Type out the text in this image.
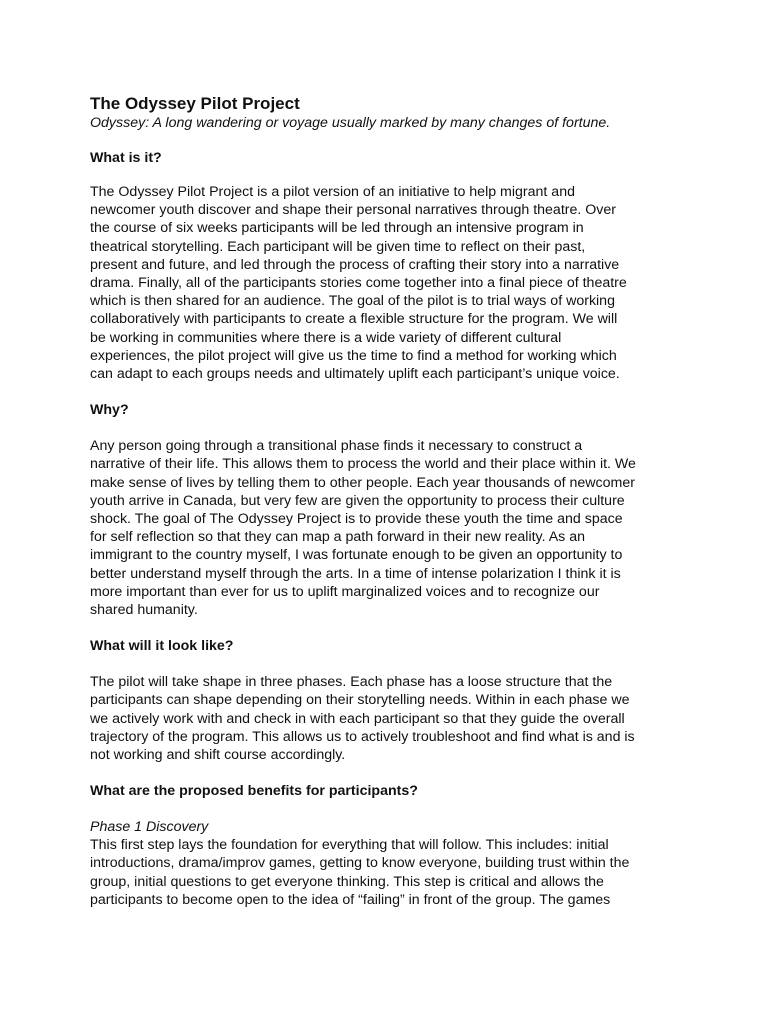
The Odyssey Pilot Project

Odyssey: A long wandering or voyage usually marked by many changes of fortune.

What is it?

The Odyssey Pilot Project is a pilot version of an initiative to help migrant and
newcomer youth discover and shape their personal narratives through theatre. Over
the course of six weeks participants will be led through an intensive program in
theatrical storytelling. Each participant will be given time to reflect on their past,
present and future, and led through the process of crafting their story into a narrative
drama. Finally, all of the participants stories come together into a final piece of theatre
which is then shared for an audience. The goal of the pilot is to trial ways of working
collaboratively with participants to create a flexible structure for the program. We will
be working in communities where there is a wide variety of different cultural
experiences, the pilot project will give us the time to find a method for working which
can adapt to each groups needs and ultimately uplift each participant’s unique voice.

Why?

Any person going through a transitional phase finds it necessary to construct a
narrative of their life. This allows them to process the world and their place within it. We
make sense of lives by telling them to other people. Each year thousands of newcomer
youth arrive in Canada, but very few are given the opportunity to process their culture
shock. The goal of The Odyssey Project is to provide these youth the time and space
for self reflection so that they can map a path forward in their new reality. As an
immigrant to the country myself, I was fortunate enough to be given an opportunity to
better understand myself through the arts. In a time of intense polarization I think it is
more important than ever for us to uplift marginalized voices and to recognize our
shared humanity.

What will it look like?

The pilot will take shape in three phases. Each phase has a loose structure that the
participants can shape depending on their storytelling needs. Within in each phase we
we actively work with and check in with each participant so that they guide the overall
trajectory of the program. This allows us to actively troubleshoot and find what is and is
not working and shift course accordingly.

What are the proposed benefits for participants?

Phase 1 Discovery

This first step lays the foundation for everything that will follow. This includes: initial
introductions, drama/improv games, getting to know everyone, building trust within the
group, initial questions to get everyone thinking. This step is critical and allows the
participants to become open to the idea of “failing” in front of the group. The games
